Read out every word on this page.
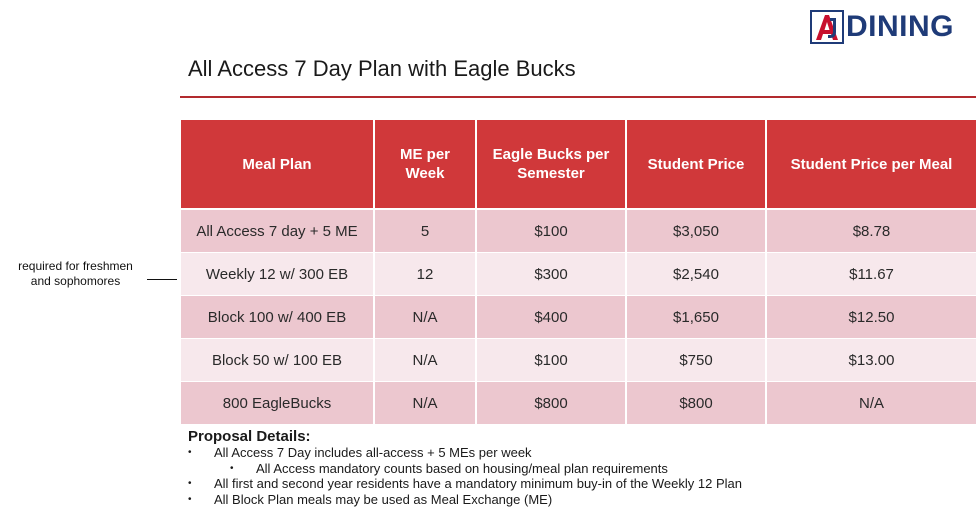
DINING
All Access 7 Day Plan with Eagle Bucks
required for freshmen and sophomores
Meal Plan	ME per Week	Eagle Bucks per Semester	Student Price	Student Price per Meal
All Access 7 day + 5 ME	5	$100	$3,050	$8.78
Weekly 12 w/ 300 EB	12	$300	$2,540	$11.67
Block 100 w/ 400 EB	N/A	$400	$1,650	$12.50
Block 50 w/ 100 EB	N/A	$100	$750	$13.00
800 EagleBucks	N/A	$800	$800	N/A
Proposal Details:
• All Access 7 Day includes all-access + 5 MEs per week
• All Access mandatory counts based on housing/meal plan requirements
• All first and second year residents have a mandatory minimum buy-in of the Weekly 12 Plan
• All Block Plan meals may be used as Meal Exchange (ME)
